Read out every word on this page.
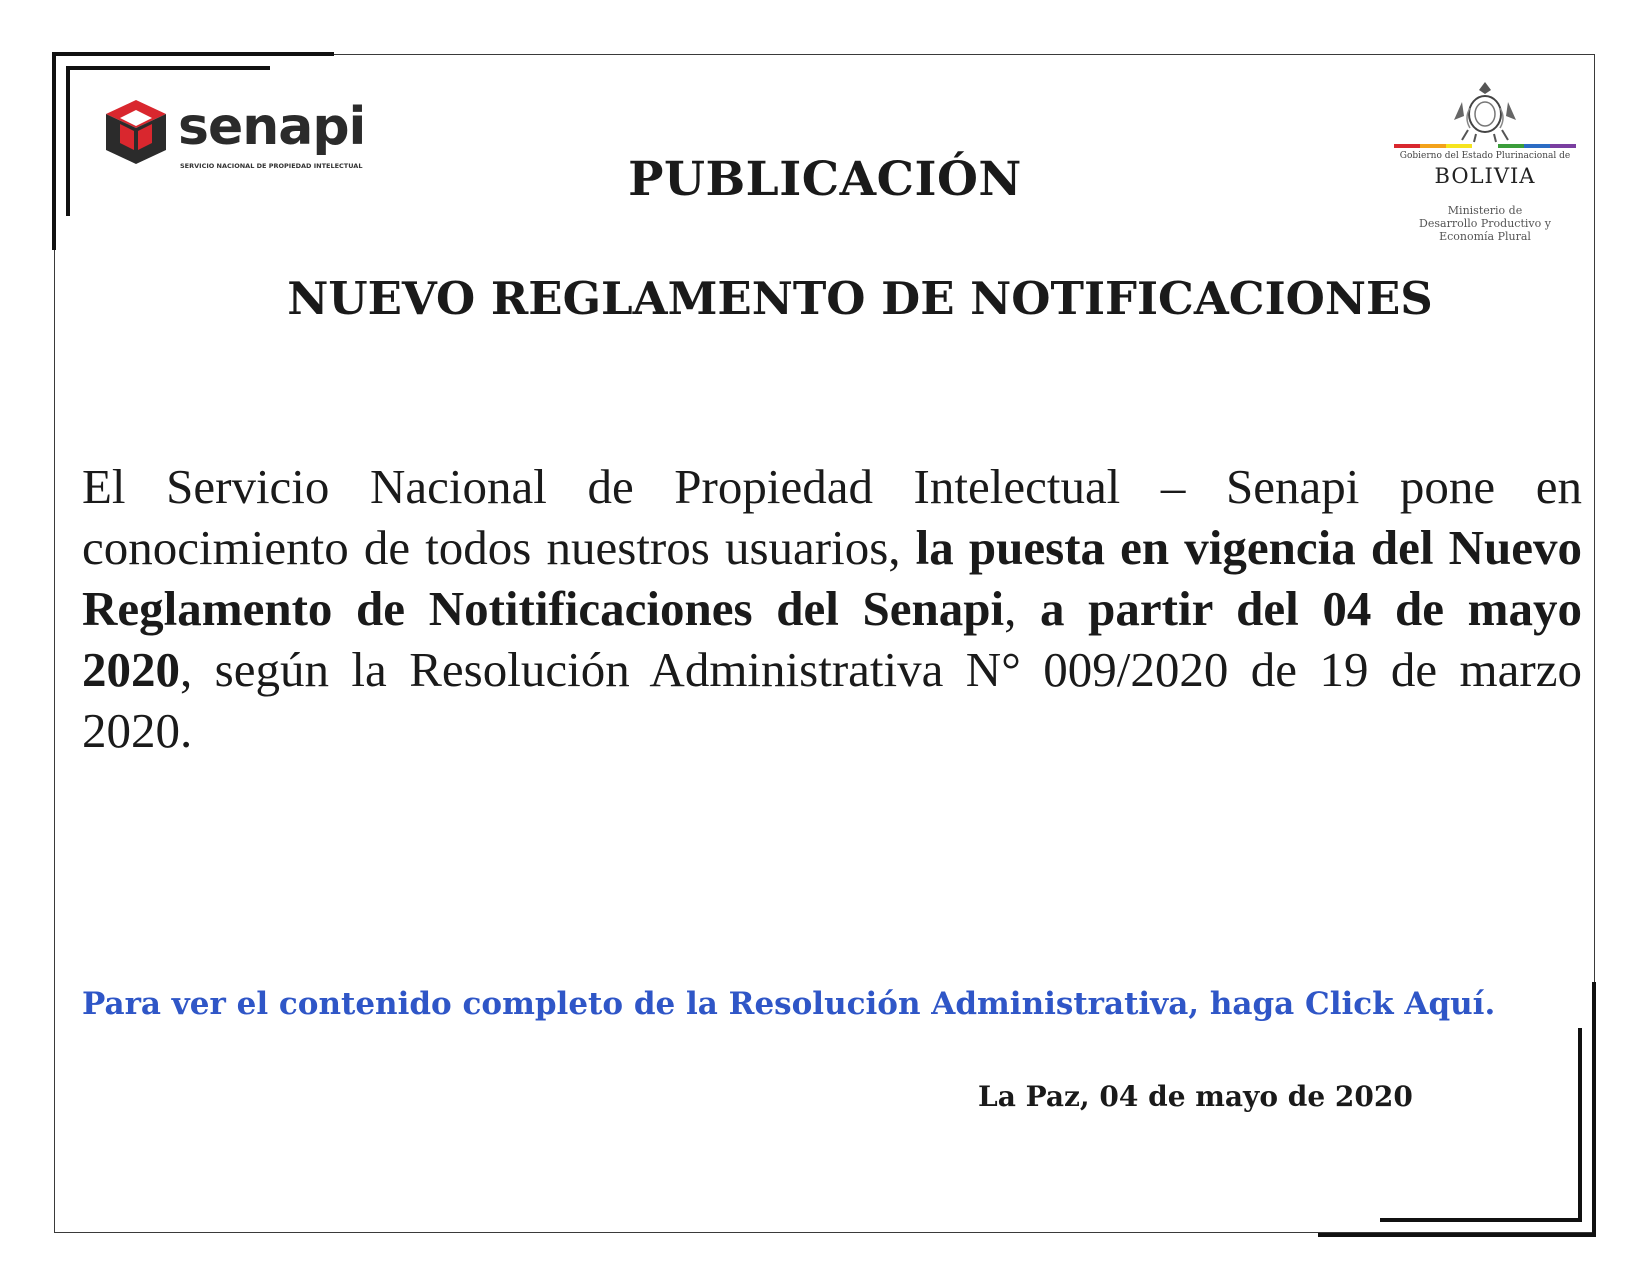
senapi
SERVICIO NACIONAL DE PROPIEDAD INTELECTUAL
Gobierno del Estado Plurinacional de
BOLIVIA
Ministerio de
Desarrollo Productivo y
Economía Plural
PUBLICACIÓN
NUEVO REGLAMENTO DE NOTIFICACIONES
El Servicio Nacional de Propiedad Intelectual – Senapi pone en conocimiento de todos nuestros usuarios, la puesta en vigencia del Nuevo Reglamento de Notitificaciones del Senapi, a partir del 04 de mayo 2020, según la Resolución Administrativa N° 009/2020 de 19 de marzo 2020.
Para ver el contenido completo de la Resolución Administrativa, haga Click Aquí.
La Paz, 04 de mayo de 2020
